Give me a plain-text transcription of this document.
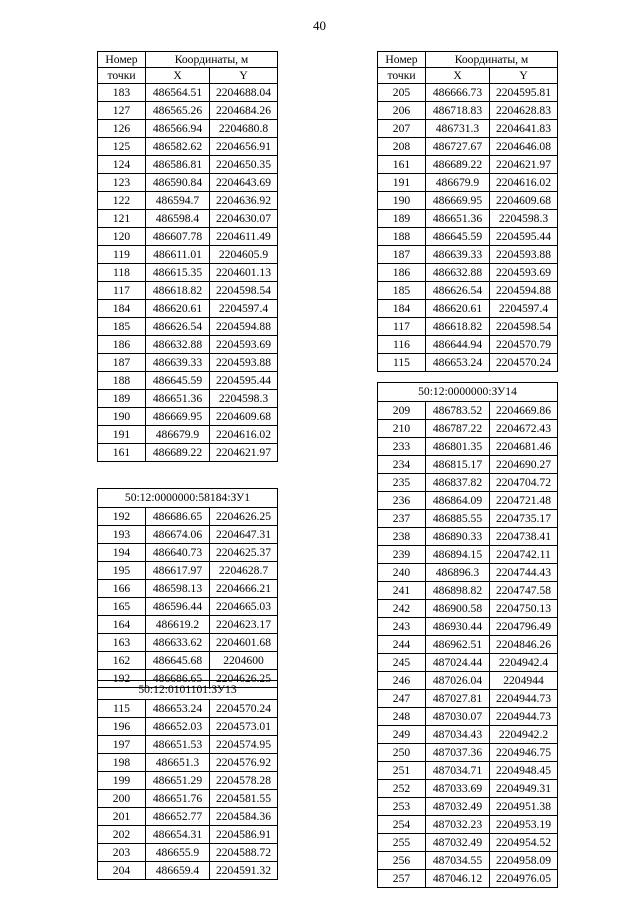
40
Номер	Координаты, м	
точки	X	Y
183	486564.51	2204688.04
127	486565.26	2204684.26
126	486566.94	2204680.8
125	486582.62	2204656.91
124	486586.81	2204650.35
123	486590.84	2204643.69
122	486594.7	2204636.92
121	486598.4	2204630.07
120	486607.78	2204611.49
119	486611.01	2204605.9
118	486615.35	2204601.13
117	486618.82	2204598.54
184	486620.61	2204597.4
185	486626.54	2204594.88
186	486632.88	2204593.69
187	486639.33	2204593.88
188	486645.59	2204595.44
189	486651.36	2204598.3
190	486669.95	2204609.68
191	486679.9	2204616.02
161	486689.22	2204621.97
50:12:0000000:58184:ЗУ1		
192	486686.65	2204626.25
193	486674.06	2204647.31
194	486640.73	2204625.37
195	486617.97	2204628.7
166	486598.13	2204666.21
165	486596.44	2204665.03
164	486619.2	2204623.17
163	486633.62	2204601.68
162	486645.68	2204600
192	486686.65	2204626.25
50:12:0101101:ЗУ13		
115	486653.24	2204570.24
196	486652.03	2204573.01
197	486651.53	2204574.95
198	486651.3	2204576.92
199	486651.29	2204578.28
200	486651.76	2204581.55
201	486652.77	2204584.36
202	486654.31	2204586.91
203	486655.9	2204588.72
204	486659.4	2204591.32
Номер	Координаты, м	
точки	X	Y
205	486666.73	2204595.81
206	486718.83	2204628.83
207	486731.3	2204641.83
208	486727.67	2204646.08
161	486689.22	2204621.97
191	486679.9	2204616.02
190	486669.95	2204609.68
189	486651.36	2204598.3
188	486645.59	2204595.44
187	486639.33	2204593.88
186	486632.88	2204593.69
185	486626.54	2204594.88
184	486620.61	2204597.4
117	486618.82	2204598.54
116	486644.94	2204570.79
115	486653.24	2204570.24
50:12:0000000:ЗУ14		
209	486783.52	2204669.86
210	486787.22	2204672.43
233	486801.35	2204681.46
234	486815.17	2204690.27
235	486837.82	2204704.72
236	486864.09	2204721.48
237	486885.55	2204735.17
238	486890.33	2204738.41
239	486894.15	2204742.11
240	486896.3	2204744.43
241	486898.82	2204747.58
242	486900.58	2204750.13
243	486930.44	2204796.49
244	486962.51	2204846.26
245	487024.44	2204942.4
246	487026.04	2204944
247	487027.81	2204944.73
248	487030.07	2204944.73
249	487034.43	2204942.2
250	487037.36	2204946.75
251	487034.71	2204948.45
252	487033.69	2204949.31
253	487032.49	2204951.38
254	487032.23	2204953.19
255	487032.49	2204954.52
256	487034.55	2204958.09
257	487046.12	2204976.05
